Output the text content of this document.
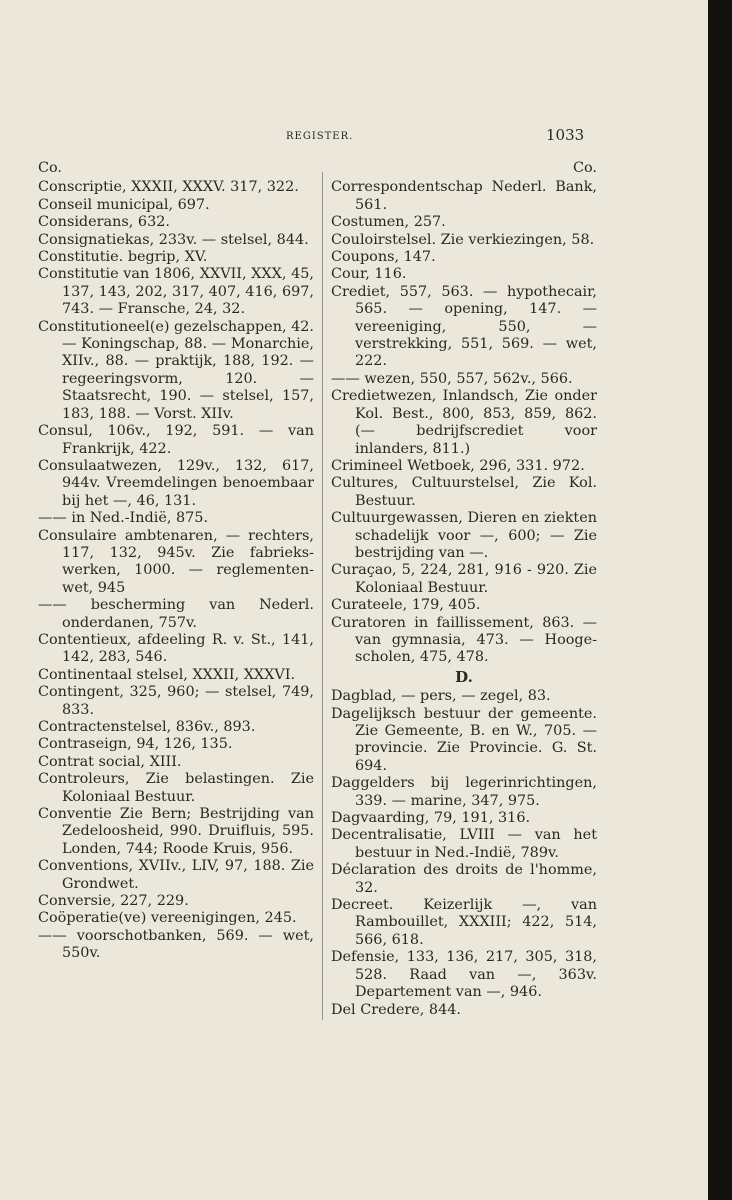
REGISTER.	1033
Co.
Conscriptie, XXXII, XXXV. 317, 322.
Conseil municipal, 697.
Considerans, 632.
Consignatiekas, 233v. — stelsel, 844.
Constitutie. begrip, XV.
Constitutie van 1806, XXVII, XXX, 45, 137, 143, 202, 317, 407, 416, 697, 743. — Fransche, 24, 32.
Constitutioneel(e) gezelschappen, 42. — Koningschap, 88. — Monarchie, XIIv., 88. — praktijk, 188, 192. — regeeringsvorm, 120. — Staatsrecht, 190. — stelsel, 157, 183, 188. — Vorst. XIIv.
Consul, 106v., 192, 591. — van Frankrijk, 422.
Consulaatwezen, 129v., 132, 617, 944v. Vreemdelingen benoembaar bij het —, 46, 131.
—— in Ned.-Indië, 875.
Consulaire ambtenaren, — rechters, 117, 132, 945v. Zie fabrieks-werken, 1000. — reglementen-wet, 945
—— bescherming van Nederl. onderdanen, 757v.
Contentieux, afdeeling R. v. St., 141, 142, 283, 546.
Continentaal stelsel, XXXII, XXXVI.
Contingent, 325, 960; — stelsel, 749, 833.
Contractenstelsel, 836v., 893.
Contraseign, 94, 126, 135.
Contrat social, XIII.
Controleurs, Zie belastingen. Zie Koloniaal Bestuur.
Conventie Zie Bern; Bestrijding van Zedeloosheid, 990. Druifluis, 595. Londen, 744; Roode Kruis, 956.
Conventions, XVIIv., LIV, 97, 188. Zie Grondwet.
Conversie, 227, 229.
Coöperatie(ve) vereenigingen, 245.
—— voorschotbanken, 569. — wet, 550v.
Co.
Correspondentschap Nederl. Bank, 561.
Costumen, 257.
Couloirstelsel. Zie verkiezingen, 58.
Coupons, 147.
Cour, 116.
Crediet, 557, 563. — hypothecair, 565. — opening, 147. — vereeniging, 550, — verstrekking, 551, 569. — wet, 222.
—— wezen, 550, 557, 562v., 566.
Credietwezen, Inlandsch, Zie onder Kol. Best., 800, 853, 859, 862. (— bedrijfscrediet voor inlanders, 811.)
Crimineel Wetboek, 296, 331. 972.
Cultures, Cultuurstelsel, Zie Kol. Bestuur.
Cultuurgewassen, Dieren en ziekten schadelijk voor —, 600; — Zie bestrijding van —.
Curaçao, 5, 224, 281, 916 - 920. Zie Koloniaal Bestuur.
Curateele, 179, 405.
Curatoren in faillissement, 863. — van gymnasia, 473. — Hooge-scholen, 475, 478.
D.
Dagblad, — pers, — zegel, 83.
Dagelijksch bestuur der gemeente. Zie Gemeente, B. en W., 705. — provincie. Zie Provincie. G. St. 694.
Daggelders bij legerinrichtingen, 339. — marine, 347, 975.
Dagvaarding, 79, 191, 316.
Decentralisatie, LVIII — van het bestuur in Ned.-Indië, 789v.
Déclaration des droits de l'homme, 32.
Decreet. Keizerlijk —, van Rambouillet, XXXIII; 422, 514, 566, 618.
Defensie, 133, 136, 217, 305, 318, 528. Raad van —, 363v. Departement van —, 946.
Del Credere, 844.
